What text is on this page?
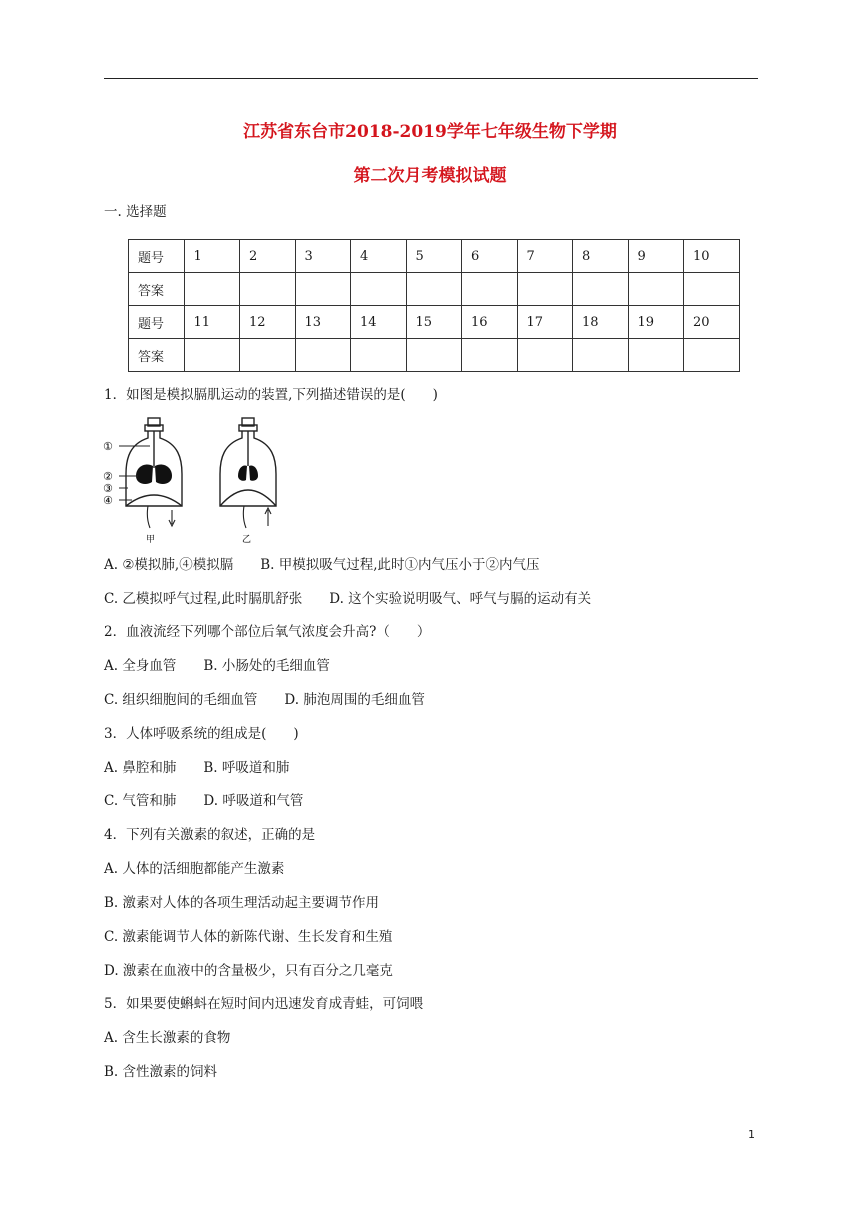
江苏省东台市2018-2019学年七年级生物下学期
第二次月考模拟试题
一. 选择题
题号	1	2	3	4	5	6	7	8	9	10
答案										
题号	11	12	13	14	15	16	17	18	19	20
答案										
1．如图是模拟膈肌运动的装置,下列描述错误的是(　　)
①
②
③
④
甲	乙
A. ②模拟肺,④模拟膈　　B. 甲模拟吸气过程,此时①内气压小于②内气压
C. 乙模拟呼气过程,此时膈肌舒张　　D. 这个实验说明吸气、呼气与膈的运动有关
2．血液流经下列哪个部位后氧气浓度会升高?（　　）
A. 全身血管　　B. 小肠处的毛细血管
C. 组织细胞间的毛细血管　　D. 肺泡周围的毛细血管
3．人体呼吸系统的组成是(　　)
A. 鼻腔和肺　　B. 呼吸道和肺
C. 气管和肺　　D. 呼吸道和气管
4．下列有关激素的叙述，正确的是
A. 人体的活细胞都能产生激素
B. 激素对人体的各项生理活动起主要调节作用
C. 激素能调节人体的新陈代谢、生长发育和生殖
D. 激素在血液中的含量极少，只有百分之几毫克
5．如果要使蝌蚪在短时间内迅速发育成青蛙，可饲喂
A. 含生长激素的食物
B. 含性激素的饲料
1
